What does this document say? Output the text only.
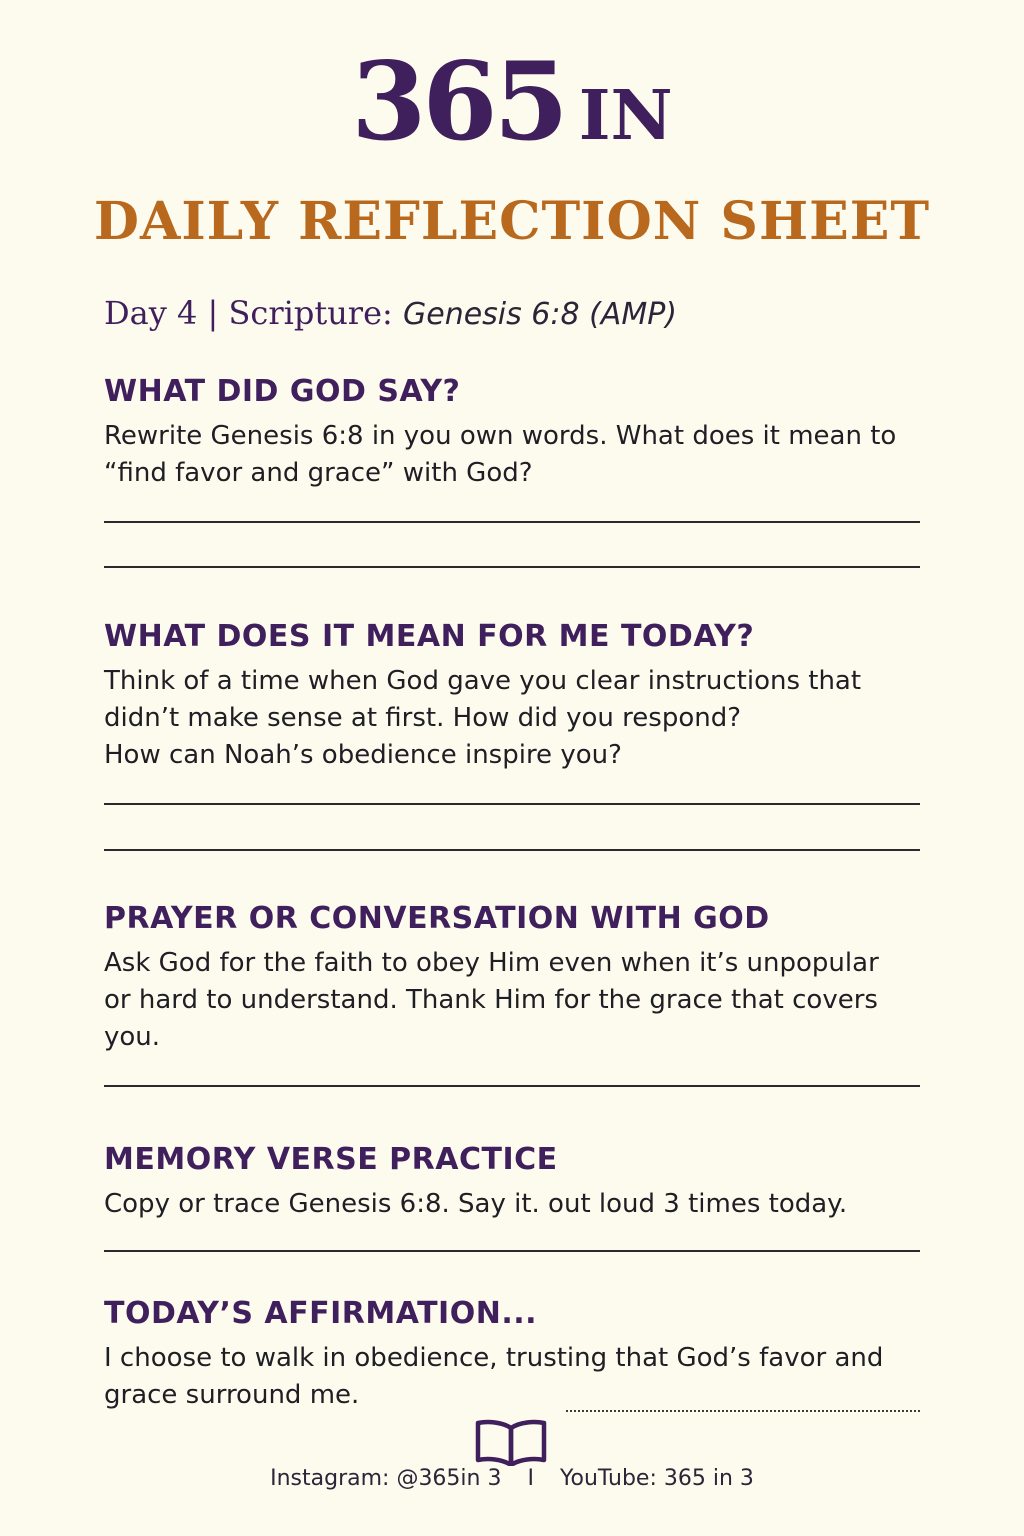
365 IN
DAILY REFLECTION SHEET
Day 4 | Scripture: Genesis 6:8 (AMP)
WHAT DID GOD SAY?

Rewrite Genesis 6:8 in you own words. What does it mean to
“find favor and grace” with God?

WHAT DOES IT MEAN FOR ME TODAY?

Think of a time when God gave you clear instructions that
didn’t make sense at first. How did you respond?
How can Noah’s obedience inspire you?

PRAYER OR CONVERSATION WITH GOD

Ask God for the faith to obey Him even when it’s unpopular
or hard to understand. Thank Him for the grace that covers
you.

MEMORY VERSE PRACTICE

Copy or trace Genesis 6:8. Say it. out loud 3 times today.

TODAY’S AFFIRMATION...

I choose to walk in obedience, trusting that God’s favor and
grace surround me.

Instagram: @365in 3 I YouTube: 365 in 3
